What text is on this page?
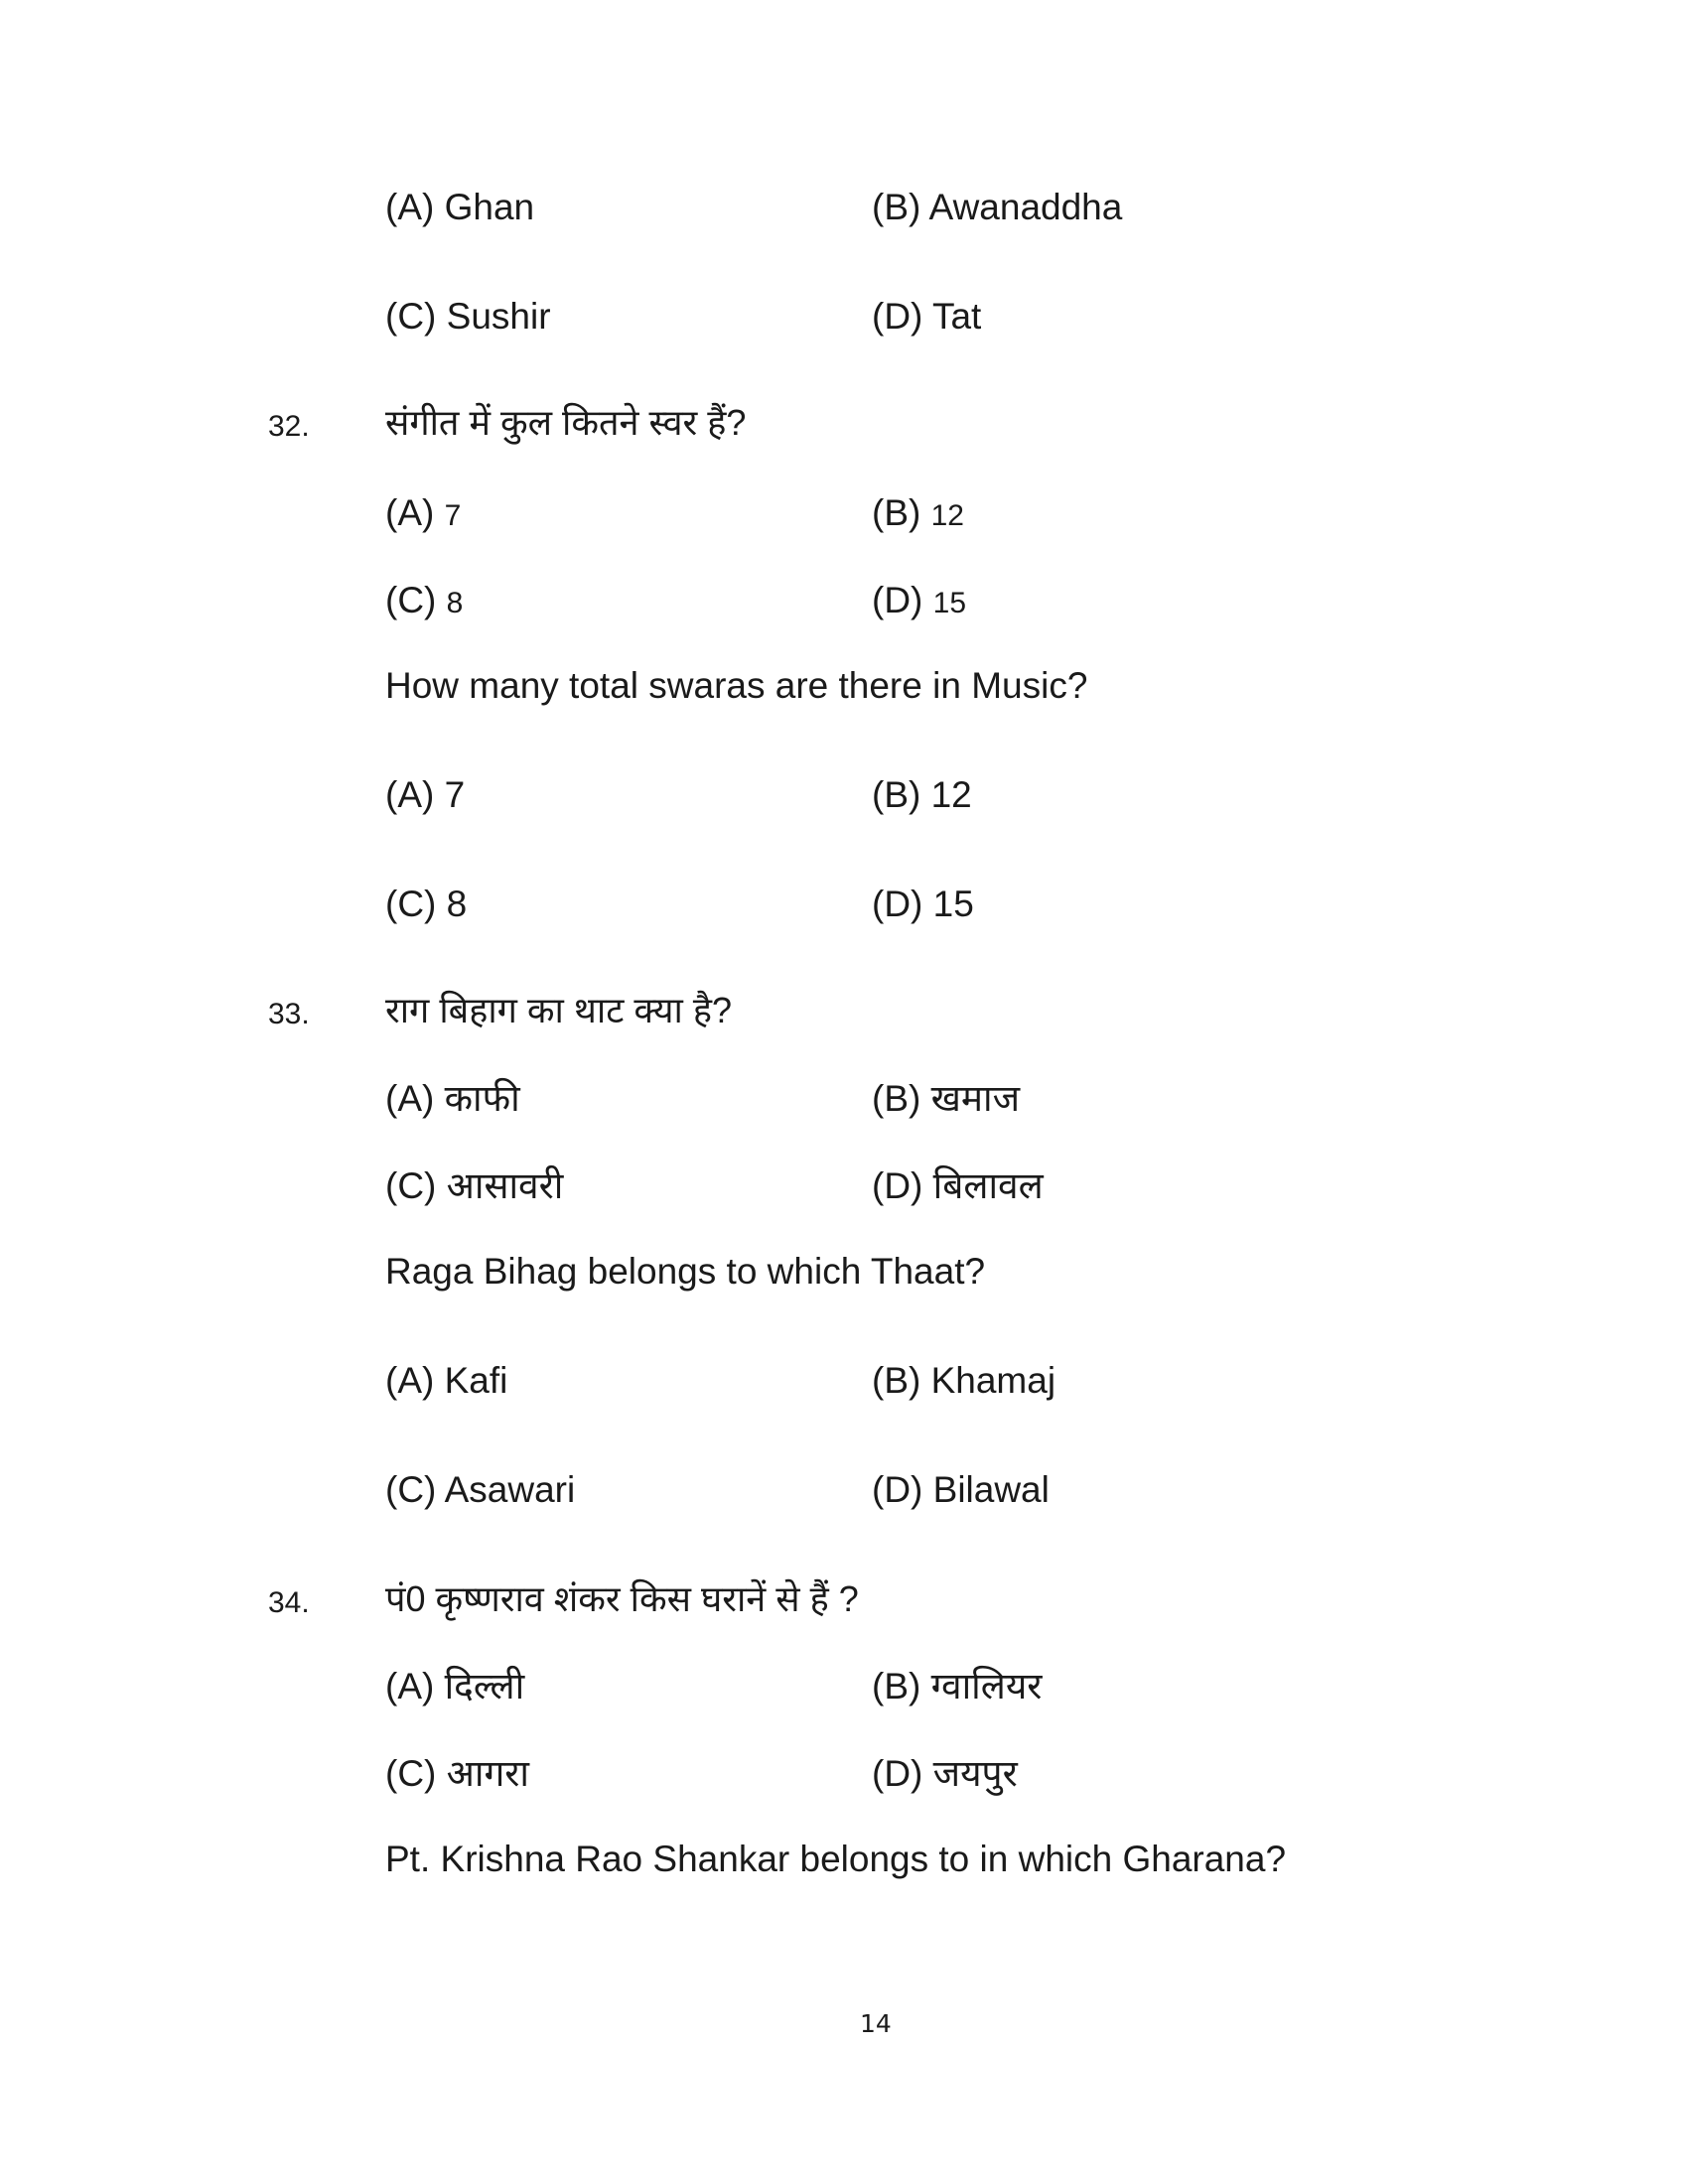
(A) Ghan	(B) Awanaddha
(C) Sushir	(D) Tat
32. संगीत में कुल कितने स्वर हैं?
(A) 7	(B) 12
(C) 8	(D) 15
How many total swaras are there in Music?
(A) 7	(B) 12
(C) 8	(D) 15
33. राग बिहाग का थाट क्या है?
(A) काफी	(B) खमाज
(C) आसावरी	(D) बिलावल
Raga Bihag belongs to which Thaat?
(A) Kafi	(B) Khamaj
(C) Asawari	(D) Bilawal
34. पं0 कृष्णराव शंकर किस घरानें से हैं ?
(A) दिल्ली	(B) ग्वालियर
(C) आगरा	(D) जयपुर
Pt. Krishna Rao Shankar belongs to in which Gharana?
14
